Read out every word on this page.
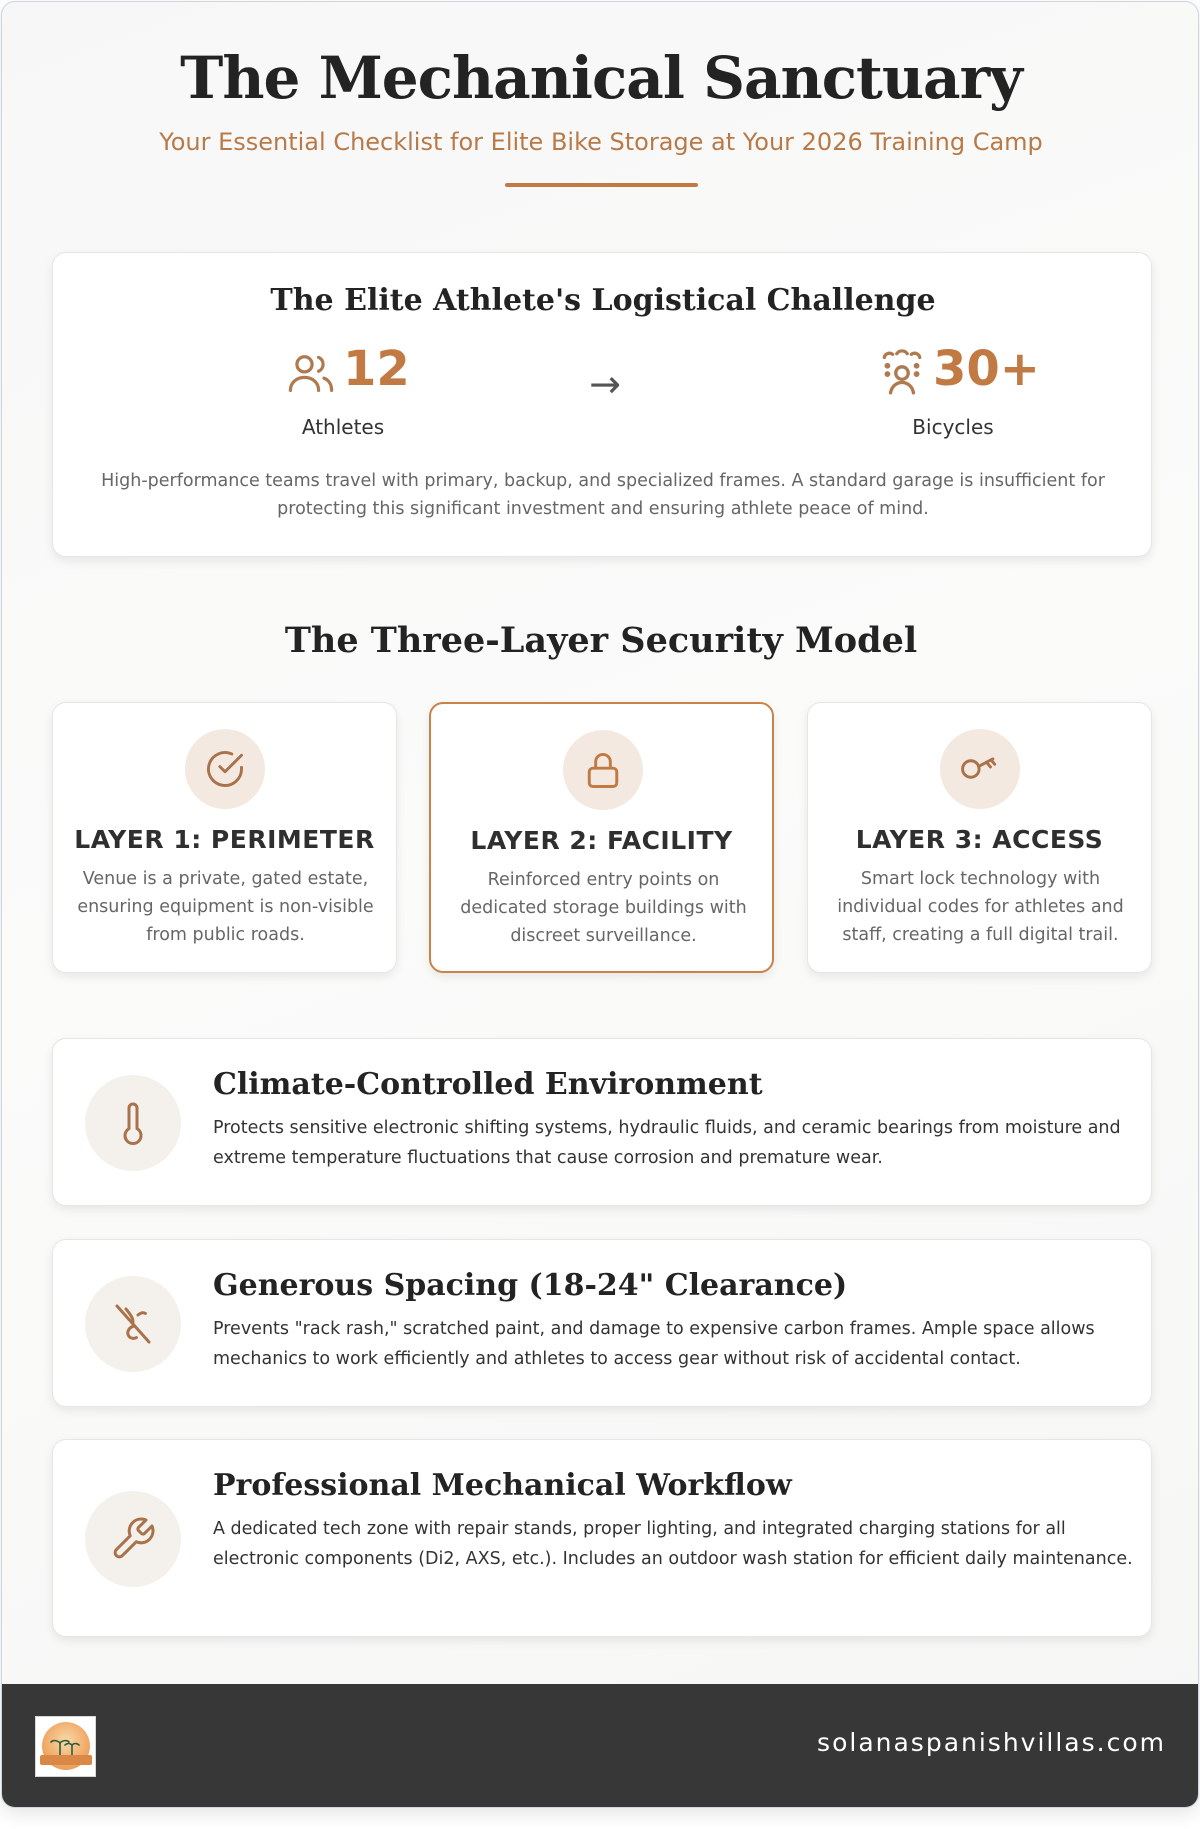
The Mechanical Sanctuary
Your Essential Checklist for Elite Bike Storage at Your 2026 Training Camp
The Elite Athlete's Logistical Challenge
12
Athletes
→	30+
Bicycles

High-performance teams travel with primary, backup, and specialized frames. A standard garage is insufficient for protecting this significant investment and ensuring athlete peace of mind.

The Three-Layer Security Model
LAYER 1: PERIMETER

Venue is a private, gated estate, ensuring equipment is non-visible from public roads.

LAYER 2: FACILITY

Reinforced entry points on dedicated storage buildings with discreet surveillance.

LAYER 3: ACCESS

Smart lock technology with individual codes for athletes and staff, creating a full digital trail.

Climate-Controlled Environment

Protects sensitive electronic shifting systems, hydraulic fluids, and ceramic bearings from moisture and extreme temperature fluctuations that cause corrosion and premature wear.

Generous Spacing (18-24" Clearance)

Prevents "rack rash," scratched paint, and damage to expensive carbon frames. Ample space allows mechanics to work efficiently and athletes to access gear without risk of accidental contact.

Professional Mechanical Workflow

A dedicated tech zone with repair stands, proper lighting, and integrated charging stations for all electronic components (Di2, AXS, etc.). Includes an outdoor wash station for efficient daily maintenance.

solanaspanishvillas.com
